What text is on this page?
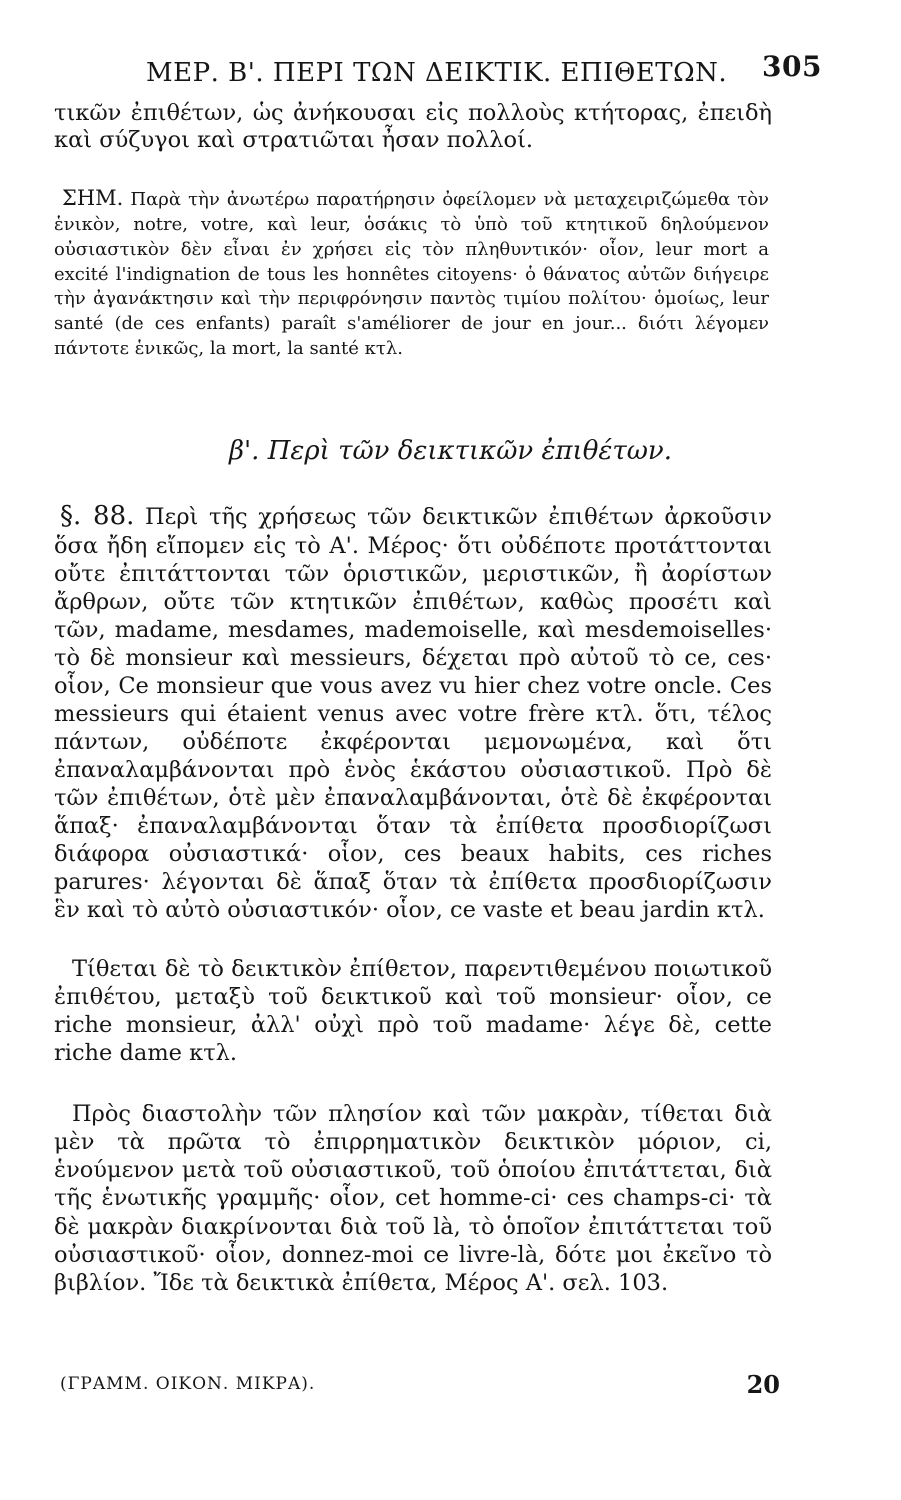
ΜΕΡ. Β'. ΠΕΡΙ ΤΩΝ ΔΕΙΚΤΙΚ. ΕΠΙΘΕΤΩΝ. 305
τικῶν ἐπιθέτων, ὡς ἀνήκουσαι εἰς πολλοὺς κτήτορας, ἐπειδὴ καὶ σύζυγοι καὶ στρατιῶται ἦσαν πολλοί.
ΣΗΜ. Παρὰ τὴν ἀνωτέρω παρατήρησιν ὀφείλομεν νὰ μεταχειριζώμεθα τὸν ἑνικὸν, notre, votre, καὶ leur, ὁσάκις τὸ ὑπὸ τοῦ κτητικοῦ δηλούμενον οὐσιαστικὸν δὲν εἶναι ἐν χρήσει εἰς τὸν πληθυντικόν· οἷον, leur mort a excité l'indignation de tous les honnêtes citoyens· ὁ θάνατος αὐτῶν διήγειρε τὴν ἀγανάκτησιν καὶ τὴν περιφρόνησιν παντὸς τιμίου πολίτου· ὁμοίως, leur santé (de ces enfants) paraît s'améliorer de jour en jour... διότι λέγομεν πάντοτε ἑνικῶς, la mort, la santé κτλ.
β'. Περὶ τῶν δεικτικῶν ἐπιθέτων.
§. 88. Περὶ τῆς χρήσεως τῶν δεικτικῶν ἐπιθέτων ἀρκοῦσιν ὅσα ἤδη εἴπομεν εἰς τὸ Α'. Μέρος· ὅτι οὐδέποτε προτάττονται οὔτε ἐπιτάττονται τῶν ὁριστικῶν, μεριστικῶν, ἢ ἀορίστων ἄρθρων, οὔτε τῶν κτητικῶν ἐπιθέτων, καθὼς προσέτι καὶ τῶν, madame, mesdames, mademoiselle, καὶ mesdemoiselles· τὸ δὲ monsieur καὶ messieurs, δέχεται πρὸ αὐτοῦ τὸ ce, ces· οἷον, Ce monsieur que vous avez vu hier chez votre oncle. Ces messieurs qui étaient venus avec votre frère κτλ. ὅτι, τέλος πάντων, οὐδέποτε ἐκφέρονται μεμονωμένα, καὶ ὅτι ἐπαναλαμβάνονται πρὸ ἑνὸς ἑκάστου οὐσιαστικοῦ. Πρὸ δὲ τῶν ἐπιθέτων, ὁτὲ μὲν ἐπαναλαμβάνονται, ὁτὲ δὲ ἐκφέρονται ἅπαξ· ἐπαναλαμβάνονται ὅταν τὰ ἐπίθετα προσδιορίζωσι διάφορα οὐσιαστικά· οἷον, ces beaux habits, ces riches parures· λέγονται δὲ ἅπαξ ὅταν τὰ ἐπίθετα προσδιορίζωσιν ἓν καὶ τὸ αὐτὸ οὐσιαστικόν· οἷον, ce vaste et beau jardin κτλ.
Τίθεται δὲ τὸ δεικτικὸν ἐπίθετον, παρεντιθεμένου ποιωτικοῦ ἐπιθέτου, μεταξὺ τοῦ δεικτικοῦ καὶ τοῦ monsieur· οἷον, ce riche monsieur, ἀλλ' οὐχὶ πρὸ τοῦ madame· λέγε δὲ, cette riche dame κτλ.
Πρὸς διαστολὴν τῶν πλησίον καὶ τῶν μακρὰν, τίθεται διὰ μὲν τὰ πρῶτα τὸ ἐπιρρηματικὸν δεικτικὸν μόριον, ci, ἑνούμενον μετὰ τοῦ οὐσιαστικοῦ, τοῦ ὁποίου ἐπιτάττεται, διὰ τῆς ἑνωτικῆς γραμμῆς· οἷον, cet homme-ci· ces champs-ci· τὰ δὲ μακρὰν διακρίνονται διὰ τοῦ là, τὸ ὁποῖον ἐπιτάττεται τοῦ οὐσιαστικοῦ· οἷον, donnez-moi ce livre-là, δότε μοι ἐκεῖνο τὸ βιβλίον. Ἴδε τὰ δεικτικὰ ἐπίθετα, Μέρος Α'. σελ. 103.
(ΓΡΑΜΜ. ΟΙΚΟΝ. ΜΙΚΡΑ).	20
